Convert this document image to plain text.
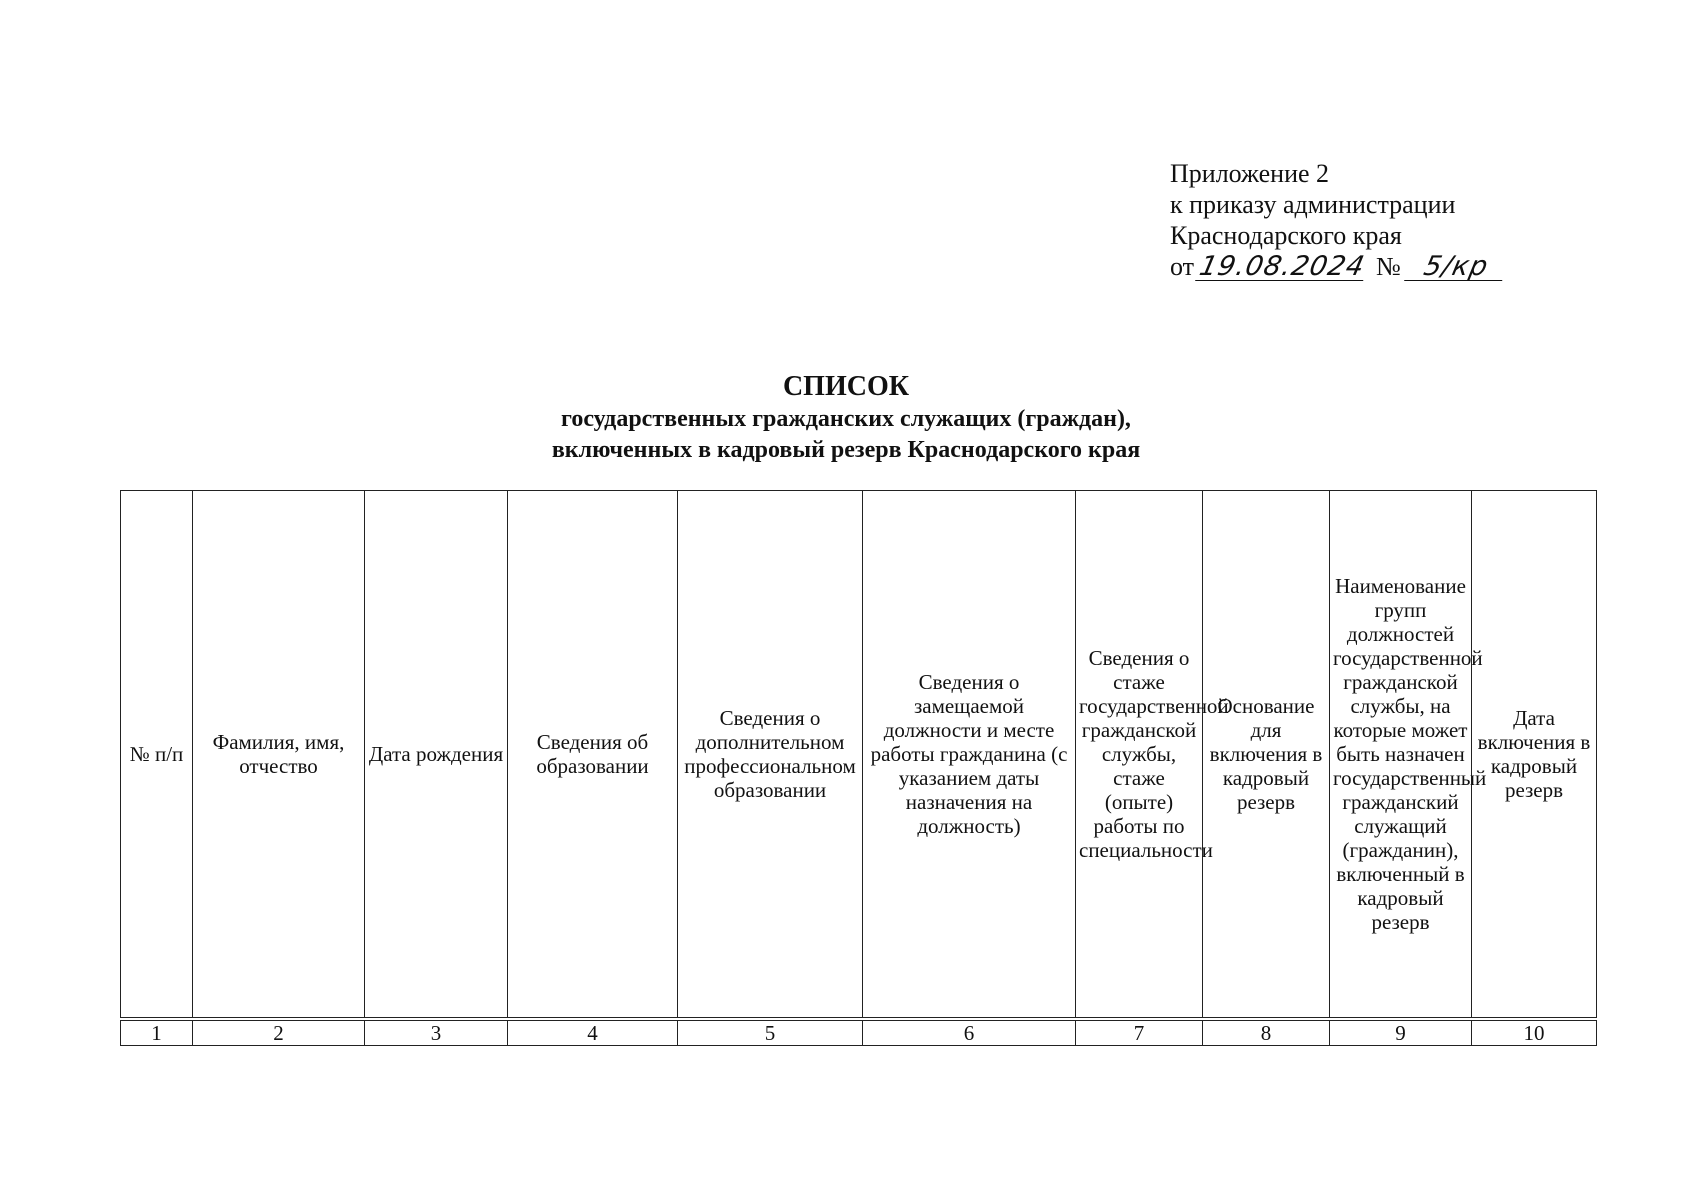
Приложение 2
к приказу администрации
Краснодарского края
от19.08.2024 № 5/кр
СПИСОК
государственных гражданских служащих (граждан),
включенных в кадровый резерв Краснодарского края
№ п/п	Фамилия, имя, отчество	Дата рождения	Сведения об образовании	Сведения о дополнительном профессиональном образовании	Сведения о замещаемой должности и месте работы гражданина (с указанием даты назначения на должность)	Сведения о стаже государственной гражданской службы, стаже (опыте) работы по специальности	Основание для включения в кадровый резерв	Наименование групп должностей государственной гражданской службы, на которые может быть назначен государственный гражданский служащий (гражданин), включенный в кадровый резерв	Дата включения в кадровый резерв
1	2	3	4	5	6	7	8	9	10
